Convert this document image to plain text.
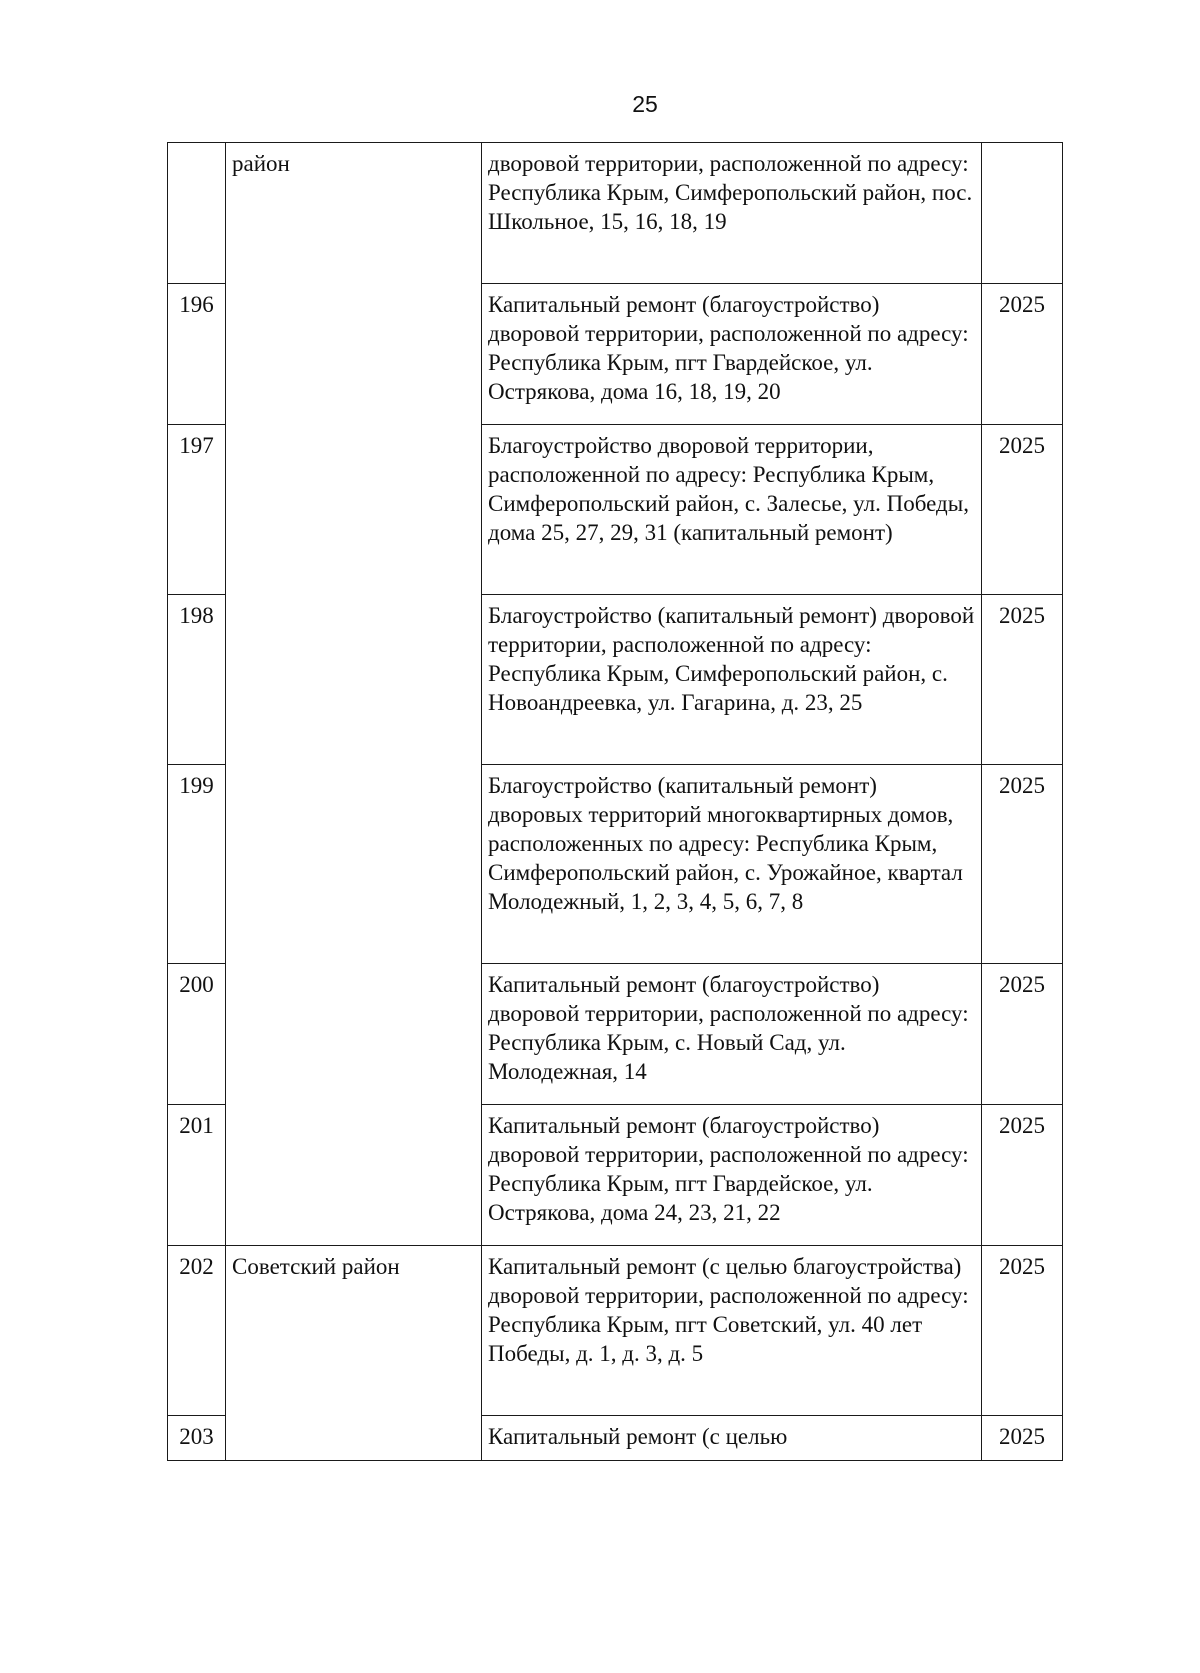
25
	район	дворовой территории, расположенной по адресу: Республика Крым, Симферопольский район, пос. Школьное, 15, 16, 18, 19	
196		Капитальный ремонт (благоустройство) дворовой территории, расположенной по адресу: Республика Крым, пгт Гвардейское, ул. Острякова, дома 16, 18, 19, 20	2025
197		Благоустройство дворовой территории, расположенной по адресу: Республика Крым, Симферопольский район, с. Залесье, ул. Победы, дома 25, 27, 29, 31 (капитальный ремонт)	2025
198		Благоустройство (капитальный ремонт) дворовой территории, расположенной по адресу: Республика Крым, Симферопольский район, с. Новоандреевка, ул. Гагарина, д. 23, 25	2025
199		Благоустройство (капитальный ремонт) дворовых территорий многоквартирных домов, расположенных по адресу: Республика Крым, Симферопольский район, с. Урожайное, квартал Молодежный, 1, 2, 3, 4, 5, 6, 7, 8	2025
200		Капитальный ремонт (благоустройство) дворовой территории, расположенной по адресу: Республика Крым, с. Новый Сад, ул. Молодежная, 14	2025
201		Капитальный ремонт (благоустройство) дворовой территории, расположенной по адресу: Республика Крым, пгт Гвардейское, ул. Острякова, дома 24, 23, 21, 22	2025
202	Советский район	Капитальный ремонт (с целью благоустройства) дворовой территории, расположенной по адресу: Республика Крым, пгт Советский, ул. 40 лет Победы, д. 1, д. 3, д. 5	2025
203		Капитальный ремонт (с целью	2025
